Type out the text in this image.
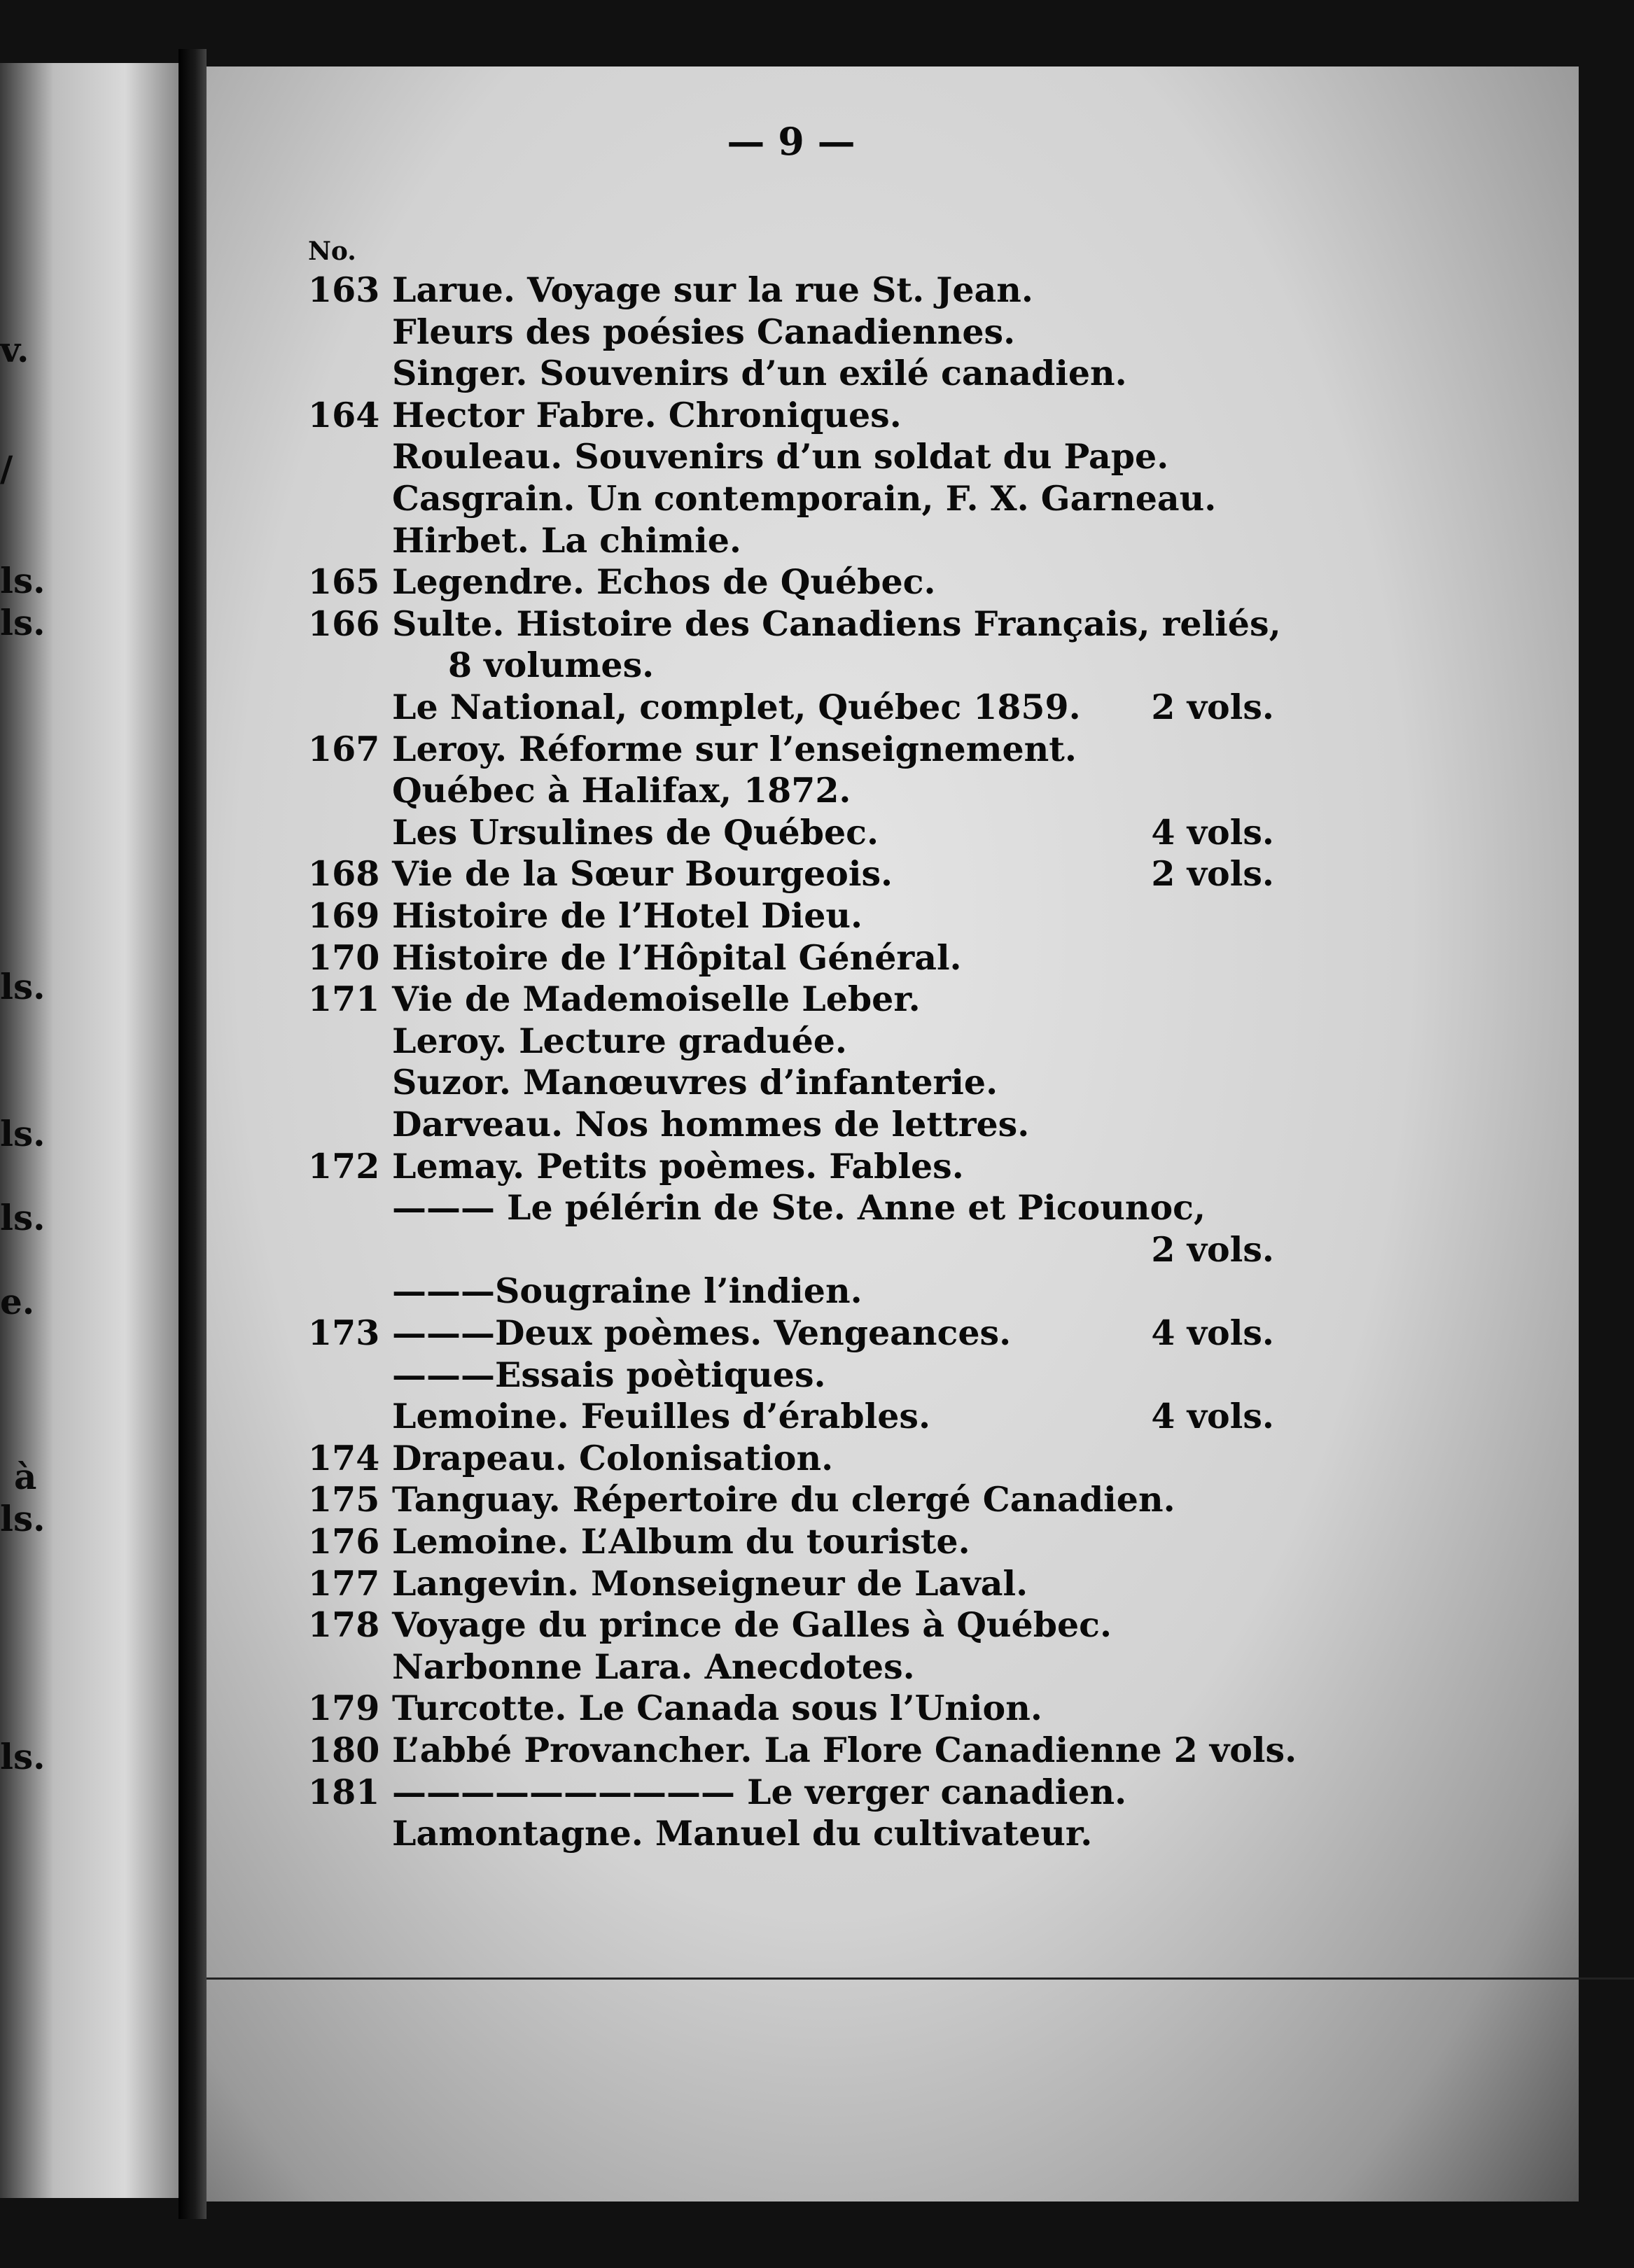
v.
/
ls.
ls.
ls.
ls.
ls.
e.
à
ls.
ls.
— 9 —
No.
163 Larue. Voyage sur la rue St. Jean.
Fleurs des poésies Canadiennes.
Singer. Souvenirs d’un exilé canadien.
164 Hector Fabre. Chroniques.
Rouleau. Souvenirs d’un soldat du Pape.
Casgrain. Un contemporain, F. X. Garneau.
Hirbet. La chimie.
165 Legendre. Echos de Québec.
166 Sulte. Histoire des Canadiens Français, reliés,
8 volumes.
Le National, complet, Québec 1859. 2 vols.
167 Leroy. Réforme sur l’enseignement.
Québec à Halifax, 1872.
Les Ursulines de Québec.	4 vols.
168 Vie de la Sœur Bourgeois.	2 vols.
169 Histoire de l’Hotel Dieu.
170 Histoire de l’Hôpital Général.
171 Vie de Mademoiselle Leber.
Leroy. Lecture graduée.
Suzor. Manœuvres d’infanterie.
Darveau. Nos hommes de lettres.
172 Lemay. Petits poèmes. Fables.
——— Le pélérin de Ste. Anne et Picounoc,
2 vols.
———Sougraine l’indien.
173 ———Deux poèmes. Vengeances.	4 vols.
———Essais poètiques.
Lemoine. Feuilles d’érables.	4 vols.
174 Drapeau. Colonisation.
175 Tanguay. Répertoire du clergé Canadien.
176 Lemoine. L’Album du touriste.
177 Langevin. Monseigneur de Laval.
178 Voyage du prince de Galles à Québec.
Narbonne Lara. Anecdotes.
179 Turcotte. Le Canada sous l’Union.
180 L’abbé Provancher. La Flore Canadienne 2 vols.
181 —————————— Le verger canadien.
Lamontagne. Manuel du cultivateur.
